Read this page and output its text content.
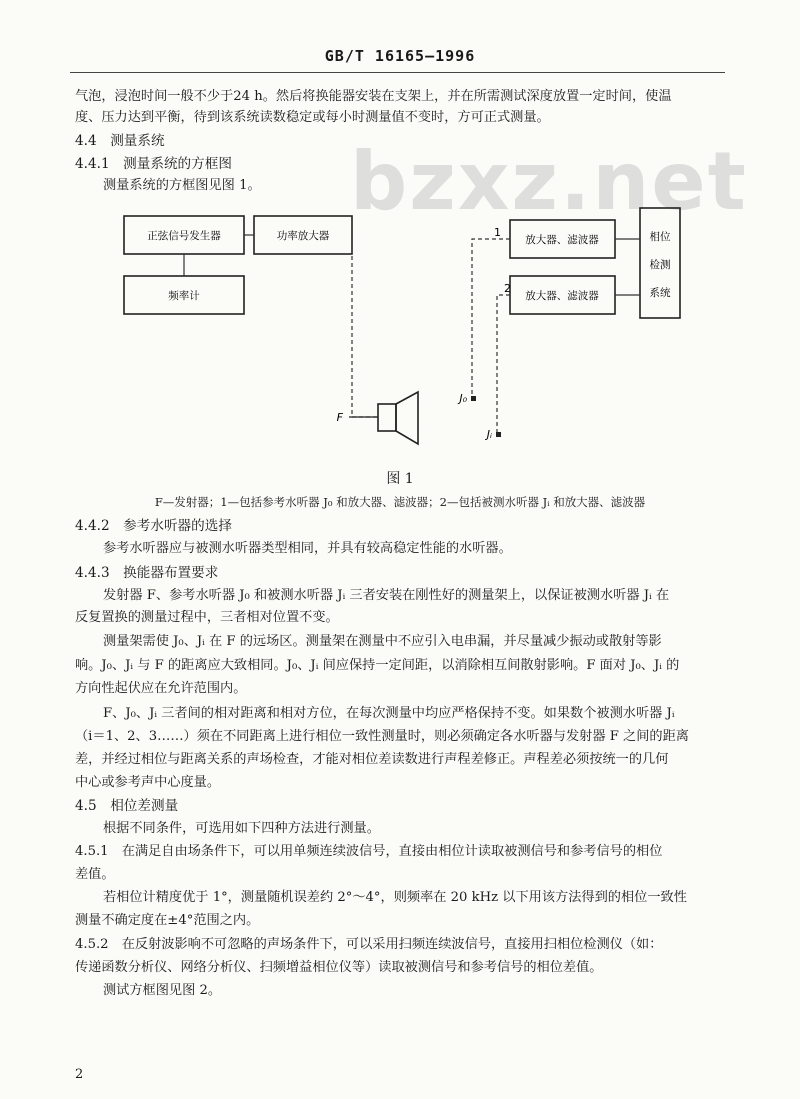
GB/T 16165—1996
bzxz.net
气泡，浸泡时间一般不少于24 h。然后将换能器安装在支架上，并在所需测试深度放置一定时间，使温
度、压力达到平衡，待到该系统读数稳定或每小时测量值不变时，方可正式测量。
4.4　测量系统
4.4.1　测量系统的方框图
测量系统的方框图见图 1。
正弦信号发生器	功率放大器
频率计
放大器、滤波器
放大器、滤波器
相位
检测
系统
1
2
F
J₀
Jᵢ
图 1
F—发射器；1—包括参考水听器 J₀ 和放大器、滤波器；2—包括被测水听器 Jᵢ 和放大器、滤波器
4.4.2　参考水听器的选择
参考水听器应与被测水听器类型相同，并具有较高稳定性能的水听器。
4.4.3　换能器布置要求
发射器 F、参考水听器 J₀ 和被测水听器 Jᵢ 三者安装在刚性好的测量架上，以保证被测水听器 Jᵢ 在
反复置换的测量过程中，三者相对位置不变。
测量架需使 J₀、Jᵢ 在 F 的远场区。测量架在测量中不应引入电串漏，并尽量减少振动或散射等影
响。J₀、Jᵢ 与 F 的距离应大致相同。J₀、Jᵢ 间应保持一定间距，以消除相互间散射影响。F 面对 J₀、Jᵢ 的
方向性起伏应在允许范围内。
F、J₀、Jᵢ 三者间的相对距离和相对方位，在每次测量中均应严格保持不变。如果数个被测水听器 Jᵢ
（i＝1、2、3……）须在不同距离上进行相位一致性测量时，则必须确定各水听器与发射器 F 之间的距离
差，并经过相位与距离关系的声场检查，才能对相位差读数进行声程差修正。声程差必须按统一的几何
中心或参考声中心度量。
4.5　相位差测量
根据不同条件，可选用如下四种方法进行测量。
4.5.1　在满足自由场条件下，可以用单频连续波信号，直接由相位计读取被测信号和参考信号的相位
差值。
若相位计精度优于 1°，测量随机误差约 2°～4°，则频率在 20 kHz 以下用该方法得到的相位一致性
测量不确定度在±4°范围之内。
4.5.2　在反射波影响不可忽略的声场条件下，可以采用扫频连续波信号，直接用扫相位检测仪（如：
传递函数分析仪、网络分析仪、扫频增益相位仪等）读取被测信号和参考信号的相位差值。
测试方框图见图 2。
2
